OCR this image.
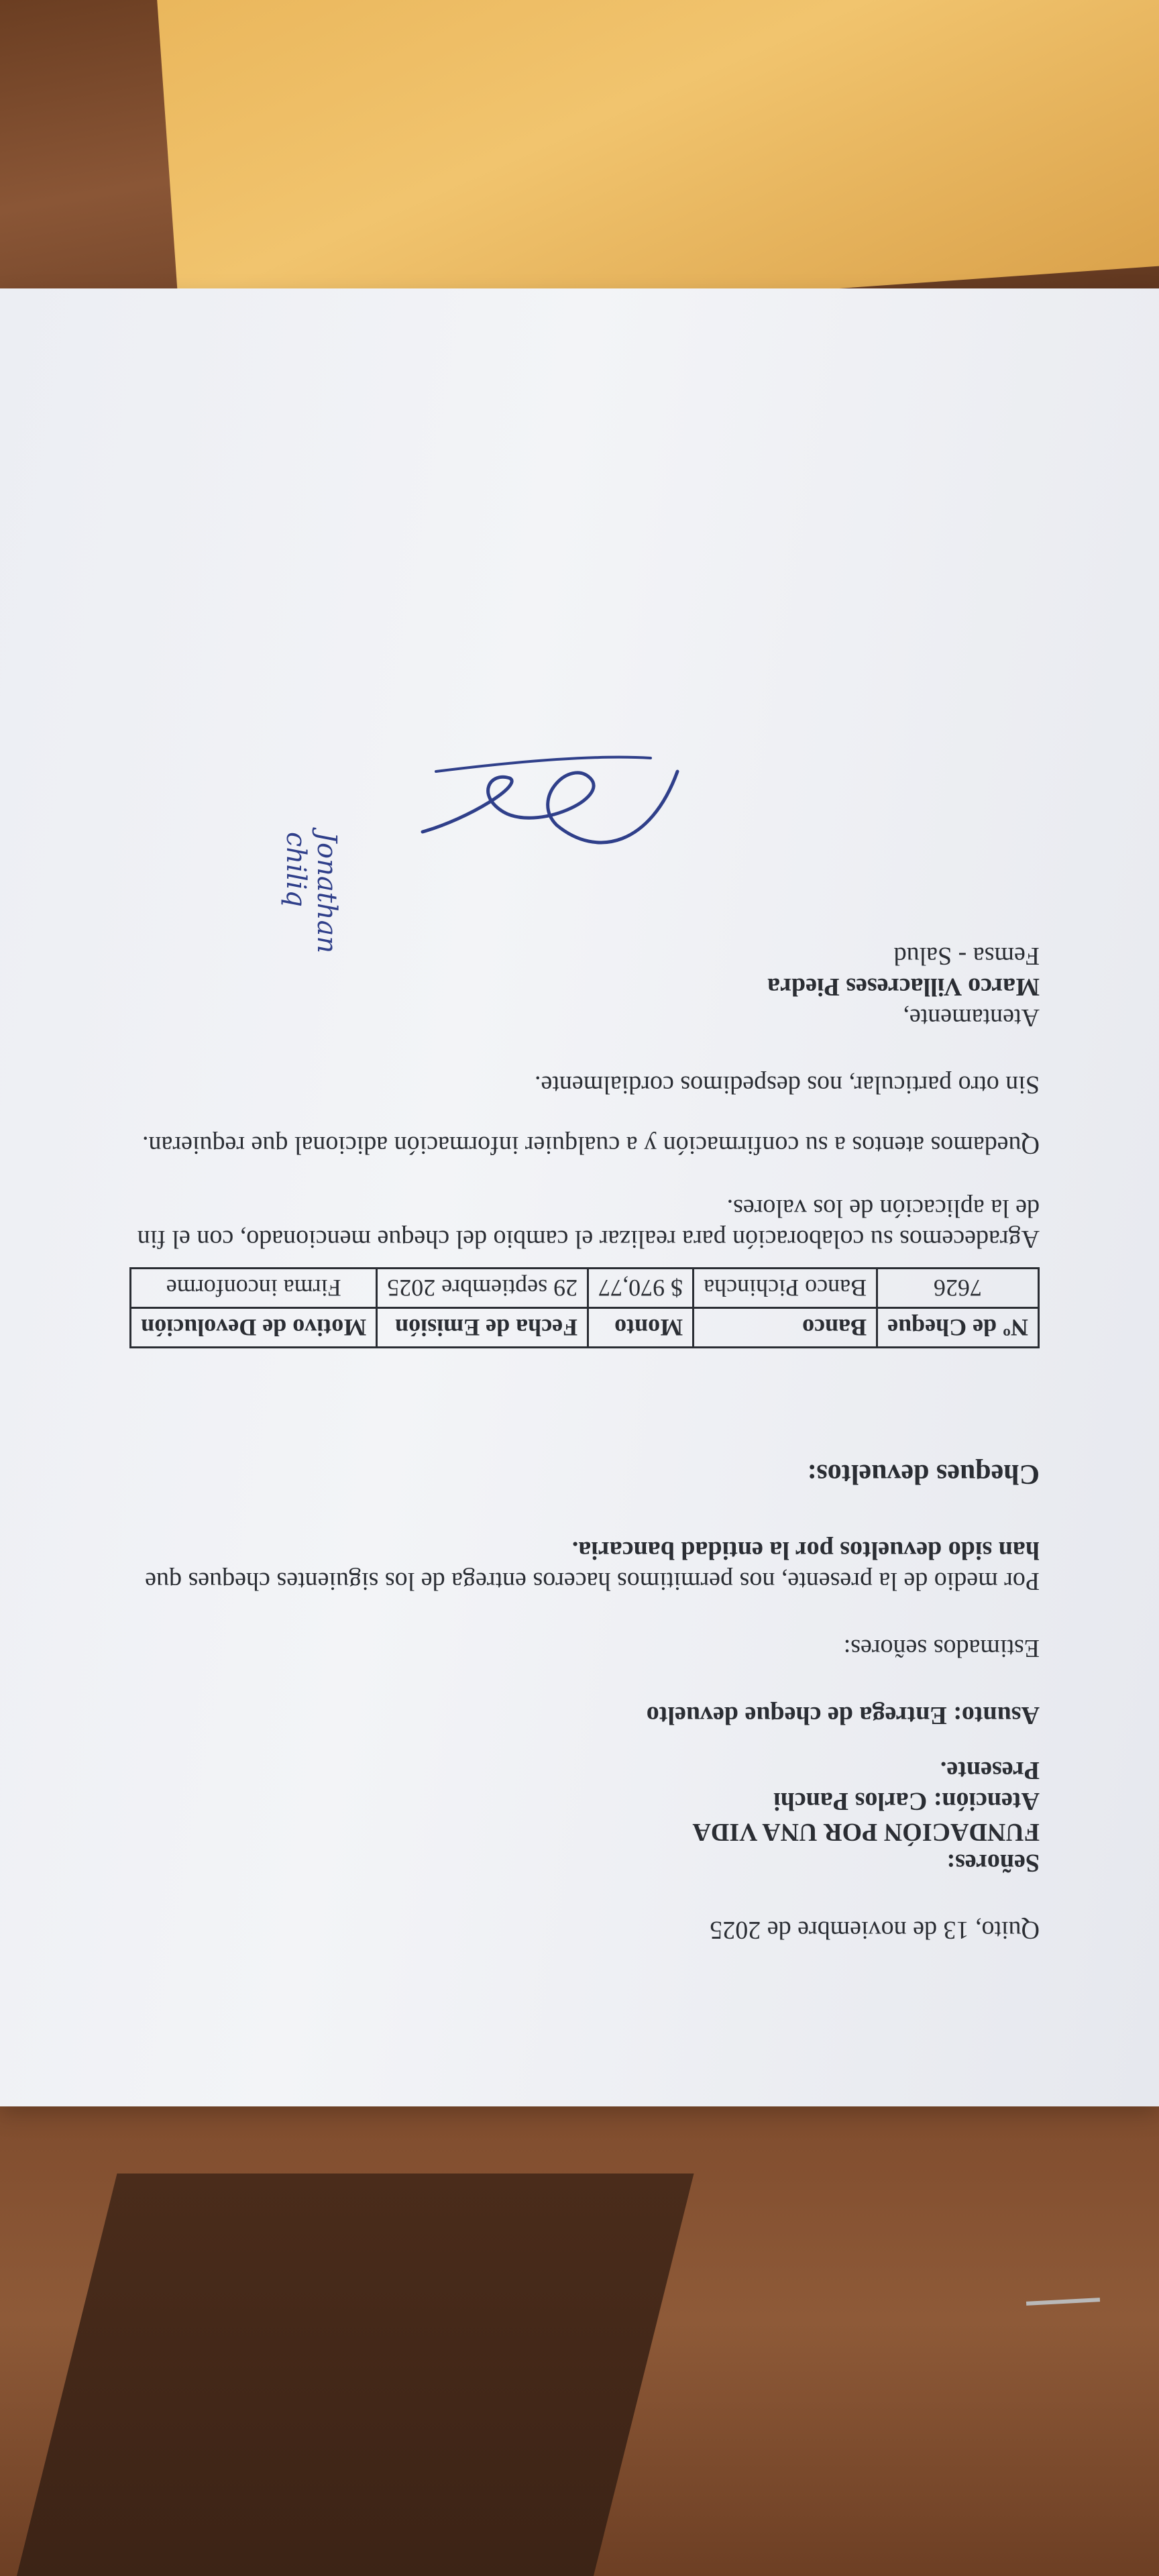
Quito, 13 de noviembre de 2025
Señores:
FUNDACIÓN POR UNA VIDA
Atención: Carlos Panchi
Presente.
Asunto: Entrega de cheque devuelto
Estimados señores:
Por medio de la presente, nos permitimos haceros entrega de los siguientes cheques que
han sido devueltos por la entidad bancaria.
Cheques devueltos:
Nº de Cheque	Banco	Monto	Fecha de Emisión	Motivo de Devolución
7626	Banco Pichincha	$ 970,77	29 septiembre 2025	Firma inconforme
Agradecemos su colaboración para realizar el cambio del cheque mencionado, con el fin
de la aplicación de los valores.
Quedamos atentos a su confirmación y a cualquier información adicional que requieran.
Sin otro particular, nos despedimos cordialmente.
Atentamente,
Marco Villacreses Piedra
Femsa - Salud
Jonathan chiliq
